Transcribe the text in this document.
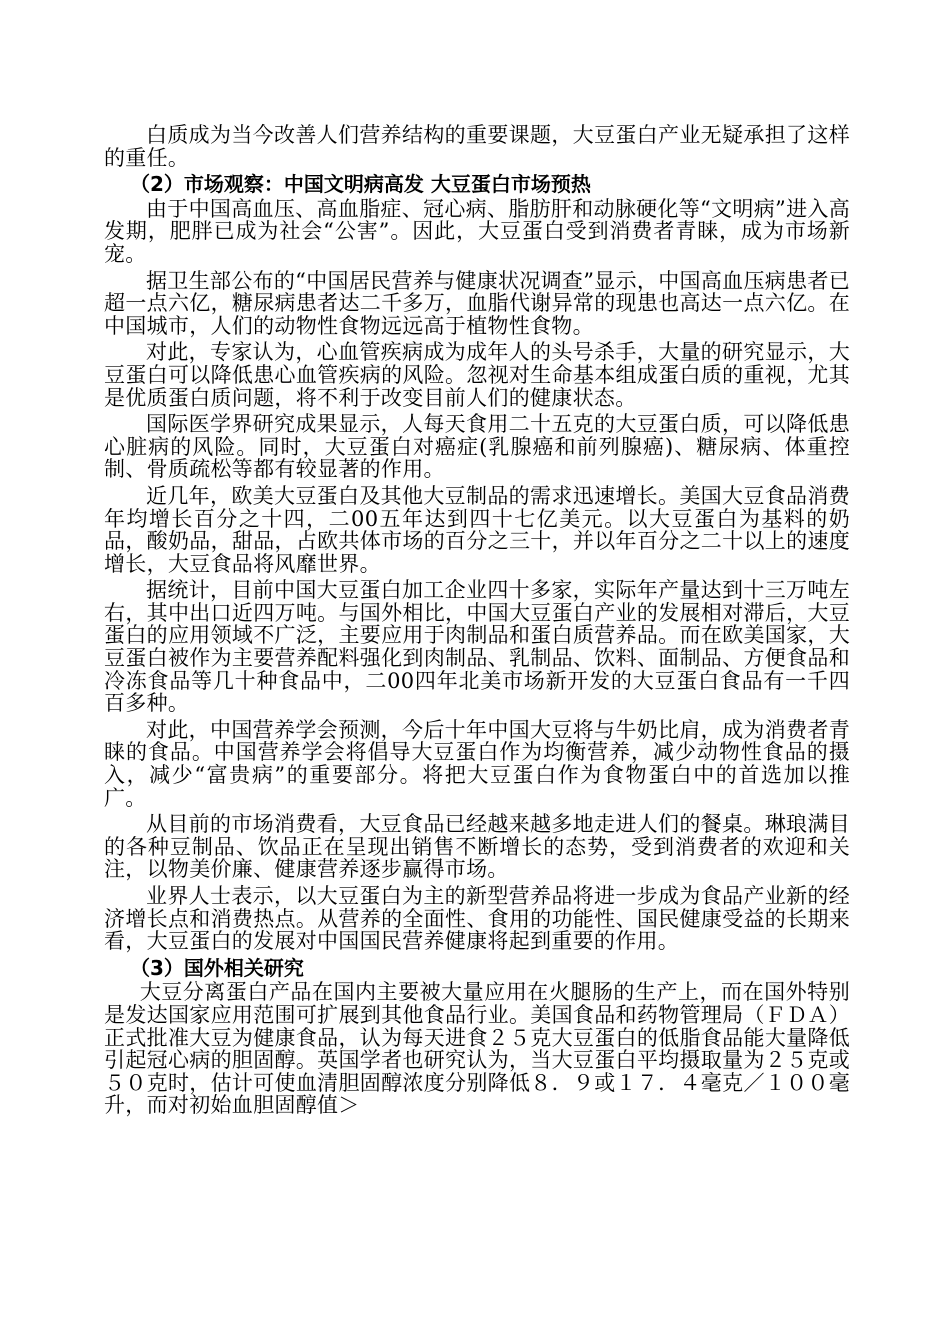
白质成为当今改善人们营养结构的重要课题，大豆蛋白产业无疑承担了这样的重任。

（2）市场观察：中国文明病高发 大豆蛋白市场预热

由于中国高血压、高血脂症、冠心病、脂肪肝和动脉硬化等“文明病”进入高发期，肥胖已成为社会“公害”。因此，大豆蛋白受到消费者青睐，成为市场新宠。

据卫生部公布的“中国居民营养与健康状况调查”显示，中国高血压病患者已超一点六亿，糖尿病患者达二千多万，血脂代谢异常的现患也高达一点六亿。在中国城市，人们的动物性食物远远高于植物性食物。

对此，专家认为，心血管疾病成为成年人的头号杀手，大量的研究显示，大豆蛋白可以降低患心血管疾病的风险。忽视对生命基本组成蛋白质的重视，尤其是优质蛋白质问题，将不利于改变目前人们的健康状态。

国际医学界研究成果显示，人每天食用二十五克的大豆蛋白质，可以降低患心脏病的风险。同时，大豆蛋白对癌症(乳腺癌和前列腺癌)、糖尿病、体重控制、骨质疏松等都有较显著的作用。

近几年，欧美大豆蛋白及其他大豆制品的需求迅速增长。美国大豆食品消费年均增长百分之十四，二00五年达到四十七亿美元。以大豆蛋白为基料的奶品，酸奶品，甜品，占欧共体市场的百分之三十，并以年百分之二十以上的速度增长，大豆食品将风靡世界。

据统计，目前中国大豆蛋白加工企业四十多家，实际年产量达到十三万吨左右，其中出口近四万吨。与国外相比，中国大豆蛋白产业的发展相对滞后，大豆蛋白的应用领域不广泛，主要应用于肉制品和蛋白质营养品。而在欧美国家，大豆蛋白被作为主要营养配料强化到肉制品、乳制品、饮料、面制品、方便食品和冷冻食品等几十种食品中，二00四年北美市场新开发的大豆蛋白食品有一千四百多种。

对此，中国营养学会预测，今后十年中国大豆将与牛奶比肩，成为消费者青睐的食品。中国营养学会将倡导大豆蛋白作为均衡营养，减少动物性食品的摄入，减少“富贵病”的重要部分。将把大豆蛋白作为食物蛋白中的首选加以推广。

从目前的市场消费看，大豆食品已经越来越多地走进人们的餐桌。琳琅满目的各种豆制品、饮品正在呈现出销售不断增长的态势，受到消费者的欢迎和关注，以物美价廉、健康营养逐步赢得市场。

业界人士表示，以大豆蛋白为主的新型营养品将进一步成为食品产业新的经济增长点和消费热点。从营养的全面性、食用的功能性、国民健康受益的长期来看，大豆蛋白的发展对中国国民营养健康将起到重要的作用。

（3）国外相关研究

大豆分离蛋白产品在国内主要被大量应用在火腿肠的生产上，而在国外特别是发达国家应用范围可扩展到其他食品行业。美国食品和药物管理局（ＦＤＡ）正式批准大豆为健康食品，认为每天进食２５克大豆蛋白的低脂食品能大量降低引起冠心病的胆固醇。英国学者也研究认为，当大豆蛋白平均摄取量为２５克或５０克时，估计可使血清胆固醇浓度分别降低８．９或１７．４毫克／１００毫升，而对初始血胆固醇值＞
